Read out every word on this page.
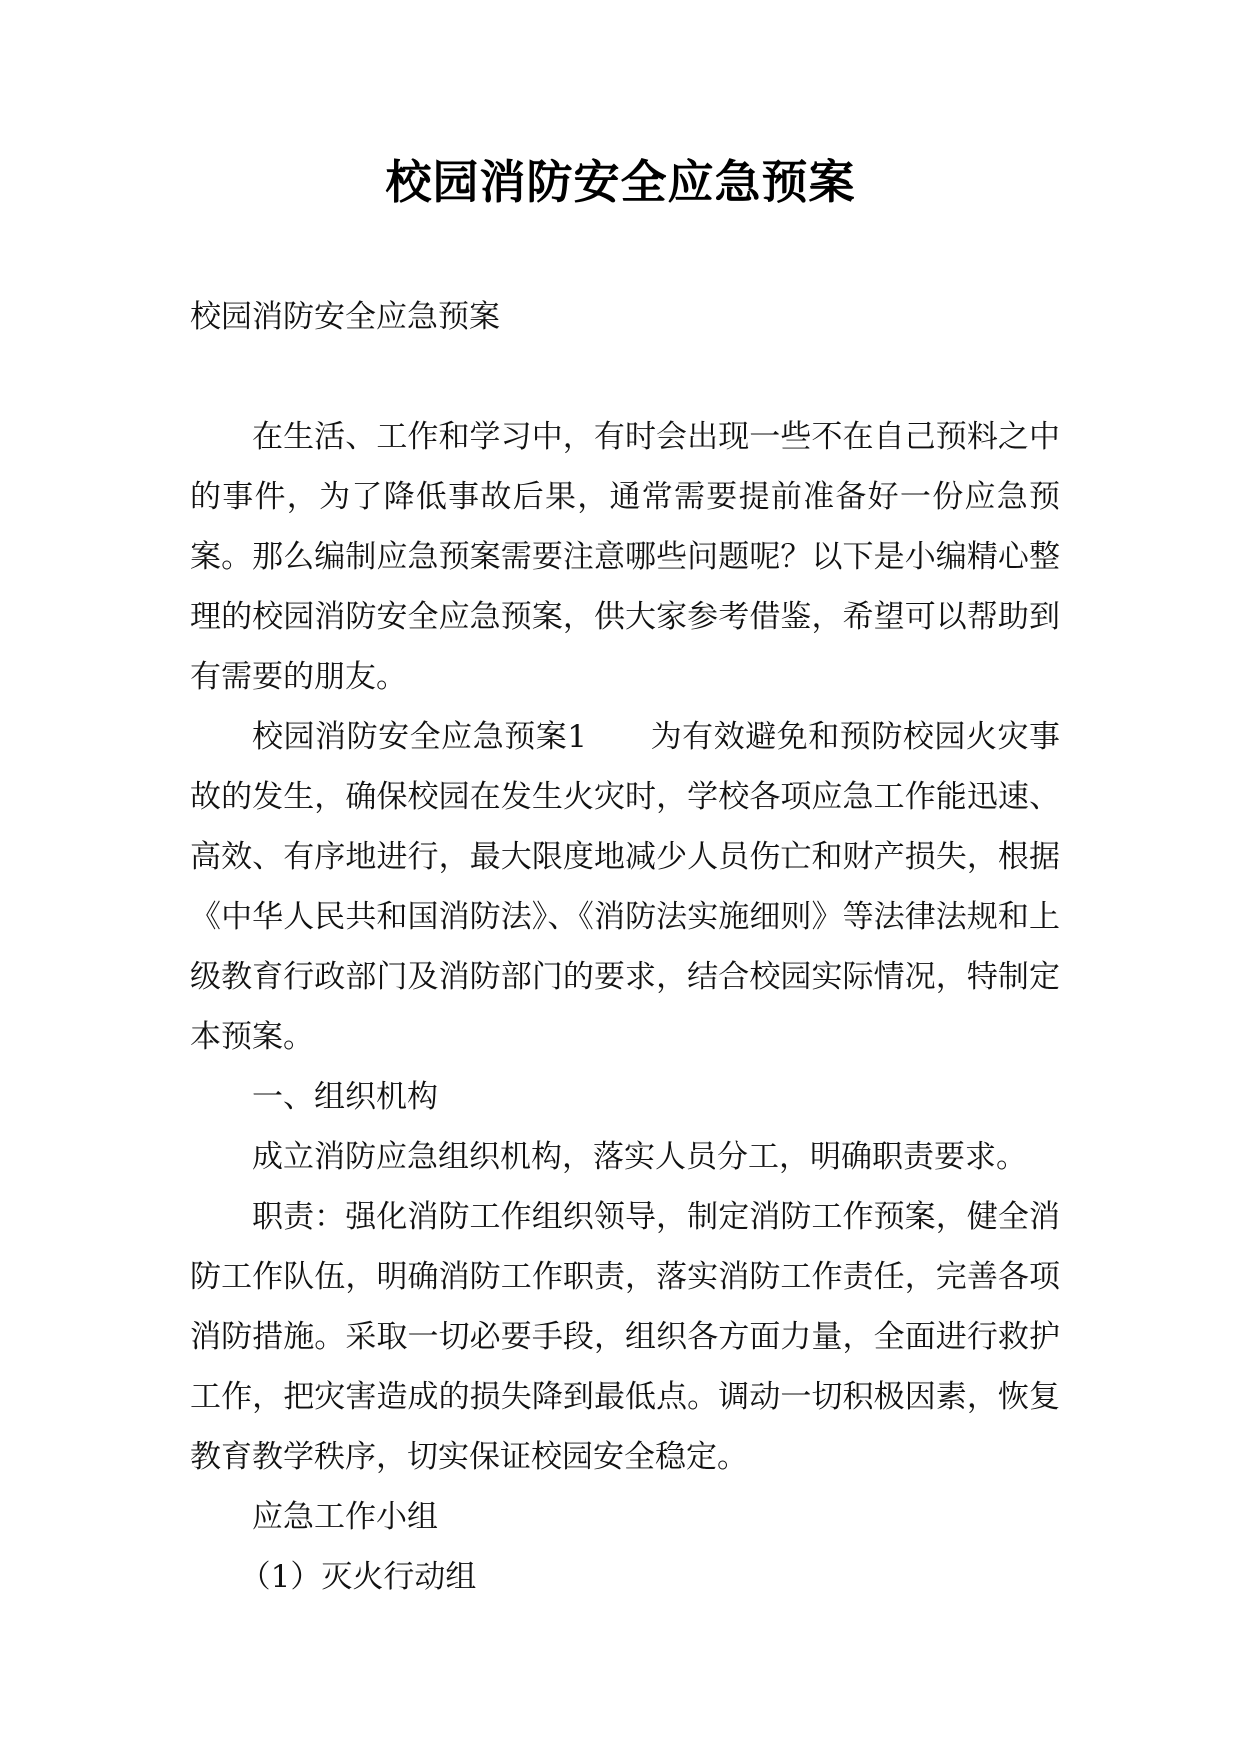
校园消防安全应急预案
校园消防安全应急预案

在生活、工作和学习中，有时会出现一些不在自己预料之中的事件，为了降低事故后果，通常需要提前准备好一份应急预案。那么编制应急预案需要注意哪些问题呢？以下是小编精心整理的校园消防安全应急预案，供大家参考借鉴，希望可以帮助到有需要的朋友。

校园消防安全应急预案1　　为有效避免和预防校园火灾事故的发生，确保校园在发生火灾时，学校各项应急工作能迅速、高效、有序地进行，最大限度地减少人员伤亡和财产损失，根据《中华人民共和国消防法》、《消防法实施细则》等法律法规和上级教育行政部门及消防部门的要求，结合校园实际情况，特制定本预案。

一、组织机构

成立消防应急组织机构，落实人员分工，明确职责要求。

职责：强化消防工作组织领导，制定消防工作预案，健全消防工作队伍，明确消防工作职责，落实消防工作责任，完善各项消防措施。采取一切必要手段，组织各方面力量，全面进行救护工作，把灾害造成的损失降到最低点。调动一切积极因素，恢复教育教学秩序，切实保证校园安全稳定。

应急工作小组

（1）灭火行动组
